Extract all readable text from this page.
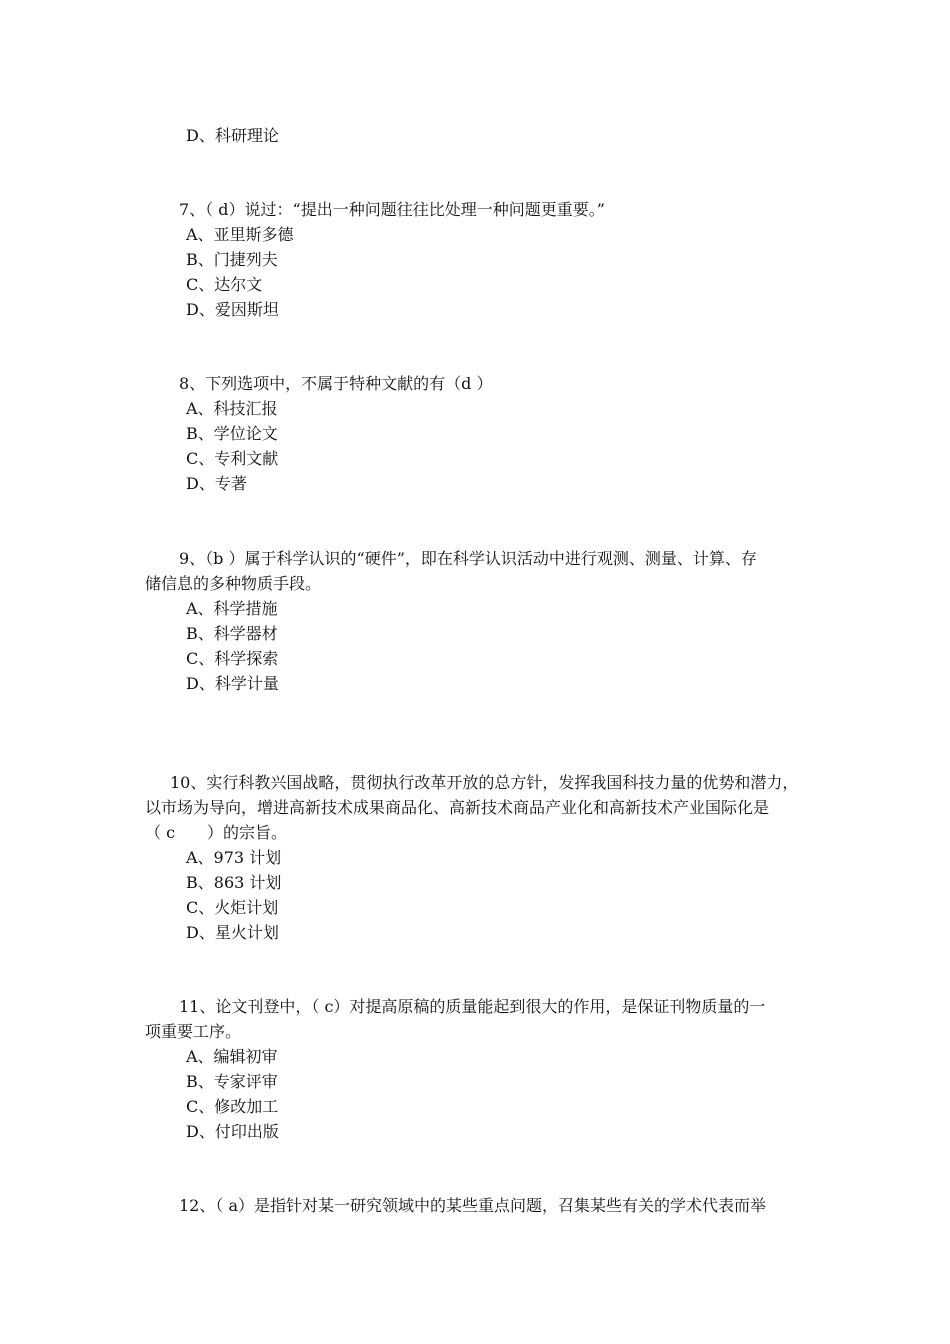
D、科研理论
7、（ d）说过：“提出一种问题往往比处理一种问题更重要。”
A、亚里斯多德
B、门捷列夫
C、达尔文
D、爱因斯坦
8、下列选项中，不属于特种文献的有（d ）
A、科技汇报
B、学位论文
C、专利文献
D、专著
9、（b ）属于科学认识的“硬件”，即在科学认识活动中进行观测、测量、计算、存
储信息的多种物质手段。
A、科学措施
B、科学器材
C、科学探索
D、科学计量
10、实行科教兴国战略，贯彻执行改革开放的总方针，发挥我国科技力量的优势和潜力，
以市场为导向，增进高新技术成果商品化、高新技术商品产业化和高新技术产业国际化是
（ c　　）的宗旨。
A、973 计划
B、863 计划
C、火炬计划
D、星火计划
11、论文刊登中，（ c）对提高原稿的质量能起到很大的作用，是保证刊物质量的一
项重要工序。
A、编辑初审
B、专家评审
C、修改加工
D、付印出版
12、（ a）是指针对某一研究领域中的某些重点问题，召集某些有关的学术代表而举
